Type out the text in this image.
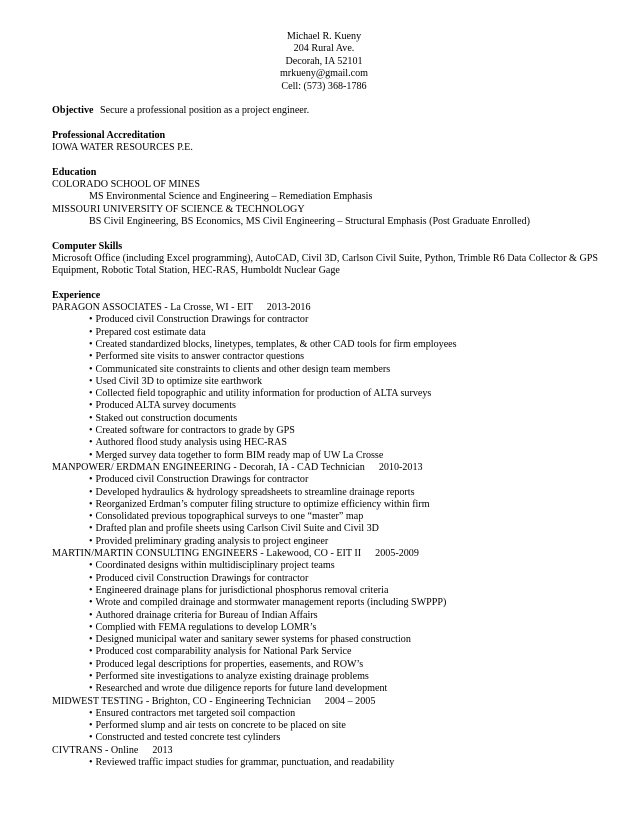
Michael R. Kueny
204 Rural Ave.
Decorah, IA 52101
mrkueny@gmail.com
Cell: (573) 368-1786
Objective Secure a professional position as a project engineer.
Professional Accreditation
IOWA WATER RESOURCES P.E.
Education
COLORADO SCHOOL OF MINES
MS Environmental Science and Engineering – Remediation Emphasis
MISSOURI UNIVERSITY OF SCIENCE & TECHNOLOGY
BS Civil Engineering, BS Economics, MS Civil Engineering – Structural Emphasis (Post Graduate Enrolled)
Computer Skills
Microsoft Office (including Excel programming), AutoCAD, Civil 3D, Carlson Civil Suite, Python, Trimble R6 Data Collector & GPS Equipment, Robotic Total Station, HEC-RAS, Humboldt Nuclear Gage
Experience
PARAGON ASSOCIATES - La Crosse, WI - EIT 2013-2016
• Produced civil Construction Drawings for contractor
• Prepared cost estimate data
• Created standardized blocks, linetypes, templates, & other CAD tools for firm employees
• Performed site visits to answer contractor questions
• Communicated site constraints to clients and other design team members
• Used Civil 3D to optimize site earthwork
• Collected field topographic and utility information for production of ALTA surveys
• Produced ALTA survey documents
• Staked out construction documents
• Created software for contractors to grade by GPS
• Authored flood study analysis using HEC-RAS
• Merged survey data together to form BIM ready map of UW La Crosse
MANPOWER/ ERDMAN ENGINEERING - Decorah, IA - CAD Technician 2010-2013
• Produced civil Construction Drawings for contractor
• Developed hydraulics & hydrology spreadsheets to streamline drainage reports
• Reorganized Erdman’s computer filing structure to optimize efficiency within firm
• Consolidated previous topographical surveys to one “master” map
• Drafted plan and profile sheets using Carlson Civil Suite and Civil 3D
• Provided preliminary grading analysis to project engineer
MARTIN/MARTIN CONSULTING ENGINEERS - Lakewood, CO - EIT II 2005-2009
• Coordinated designs within multidisciplinary project teams
• Produced civil Construction Drawings for contractor
• Engineered drainage plans for jurisdictional phosphorus removal criteria
• Wrote and compiled drainage and stormwater management reports (including SWPPP)
• Authored drainage criteria for Bureau of Indian Affairs
• Complied with FEMA regulations to develop LOMR’s
• Designed municipal water and sanitary sewer systems for phased construction
• Produced cost comparability analysis for National Park Service
• Produced legal descriptions for properties, easements, and ROW’s
• Performed site investigations to analyze existing drainage problems
• Researched and wrote due diligence reports for future land development
MIDWEST TESTING - Brighton, CO - Engineering Technician 2004 – 2005
• Ensured contractors met targeted soil compaction
• Performed slump and air tests on concrete to be placed on site
• Constructed and tested concrete test cylinders
CIVTRANS - Online 2013
• Reviewed traffic impact studies for grammar, punctuation, and readability
